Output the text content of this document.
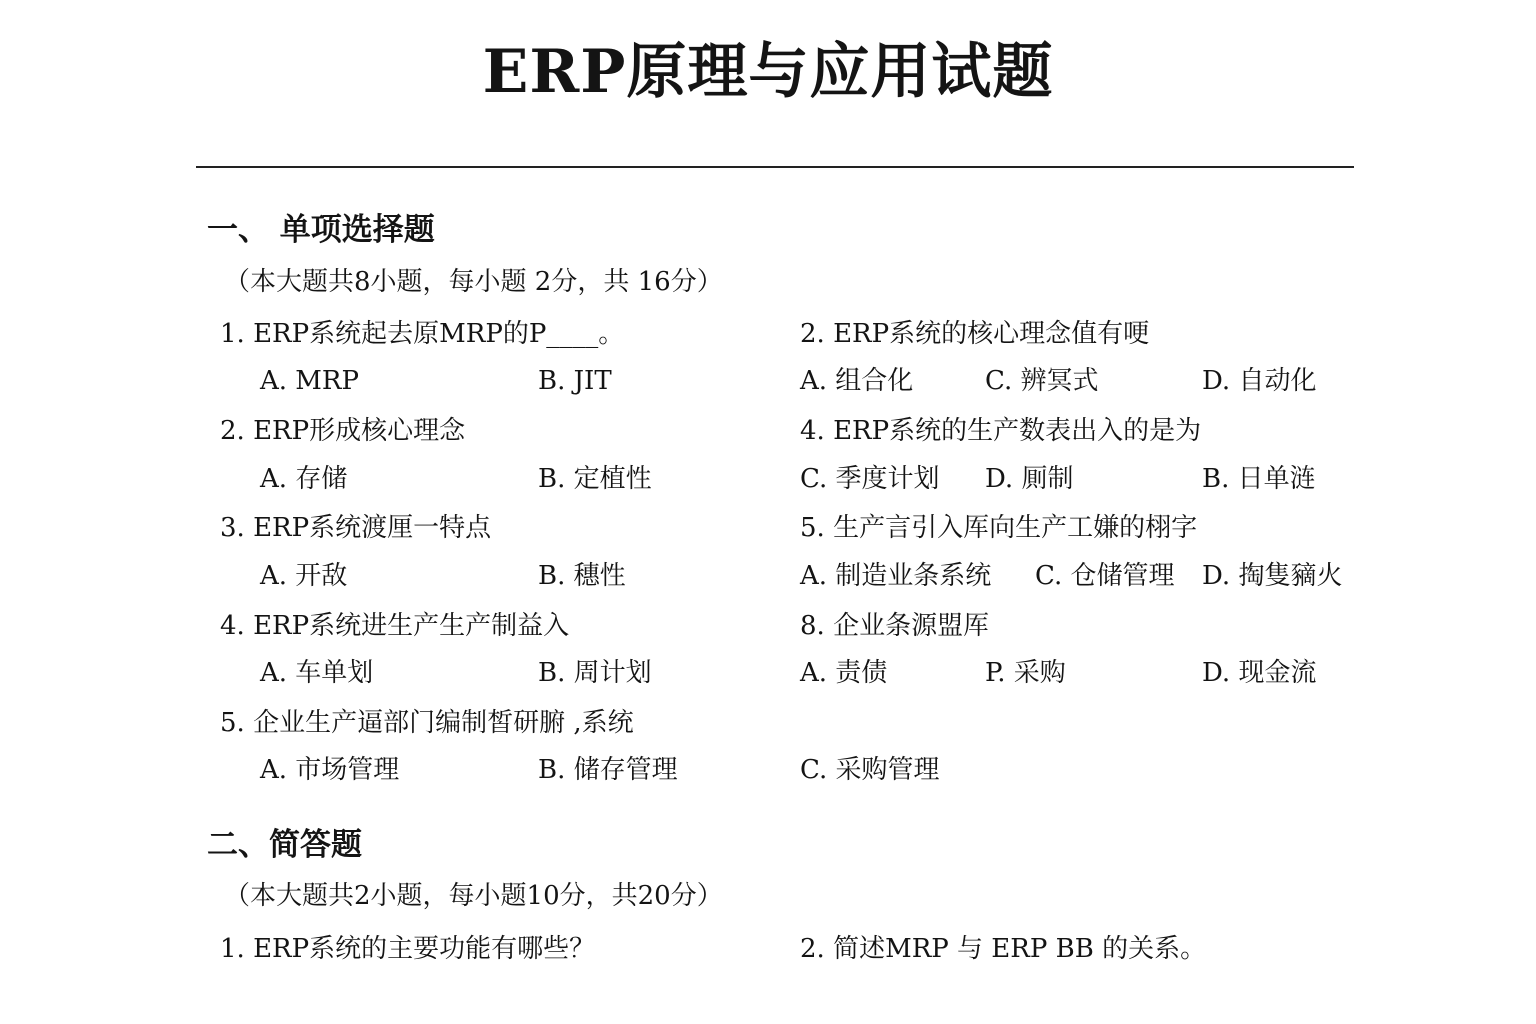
ERP原理与应用试题
一、 单项选择题
（本大题共8小题，每小题 2分，共 16分）
1. ERP系统起去原MRP的P____。
A. MRP	B. JIT
2. ERP形成核心理念
A. 存储	B. 定植性
3. ERP系统渡厘一特点
A. 开敌	B. 穗性
4. ERP系统进生产生产制益入
A. 车单划	B. 周计划
5. 企业生产逼部门编制皙研腑 ,系统
A. 市场管理	B. 储存管理	C. 采购管理
2. ERP系统的核心理念值有哽
A. 组合化	C. 辨冥式	D. 自动化
4. ERP系统的生产数表出入的是为
C. 季度计划 D. 厠制	B. 日单涟
5. 生产言引入厍向生产工嫌的栩字
A. 制造业条系统 C. 仓储管理 D. 掏隻豴火
8. 企业条源盟厍
A. 责债	P. 采购	D. 现金流
二、简答题
（本大题共2小题，每小题10分，共20分）
1. ERP系统的主要功能有哪些？	2. 简述MRP 与 ERP BB 的关系。
